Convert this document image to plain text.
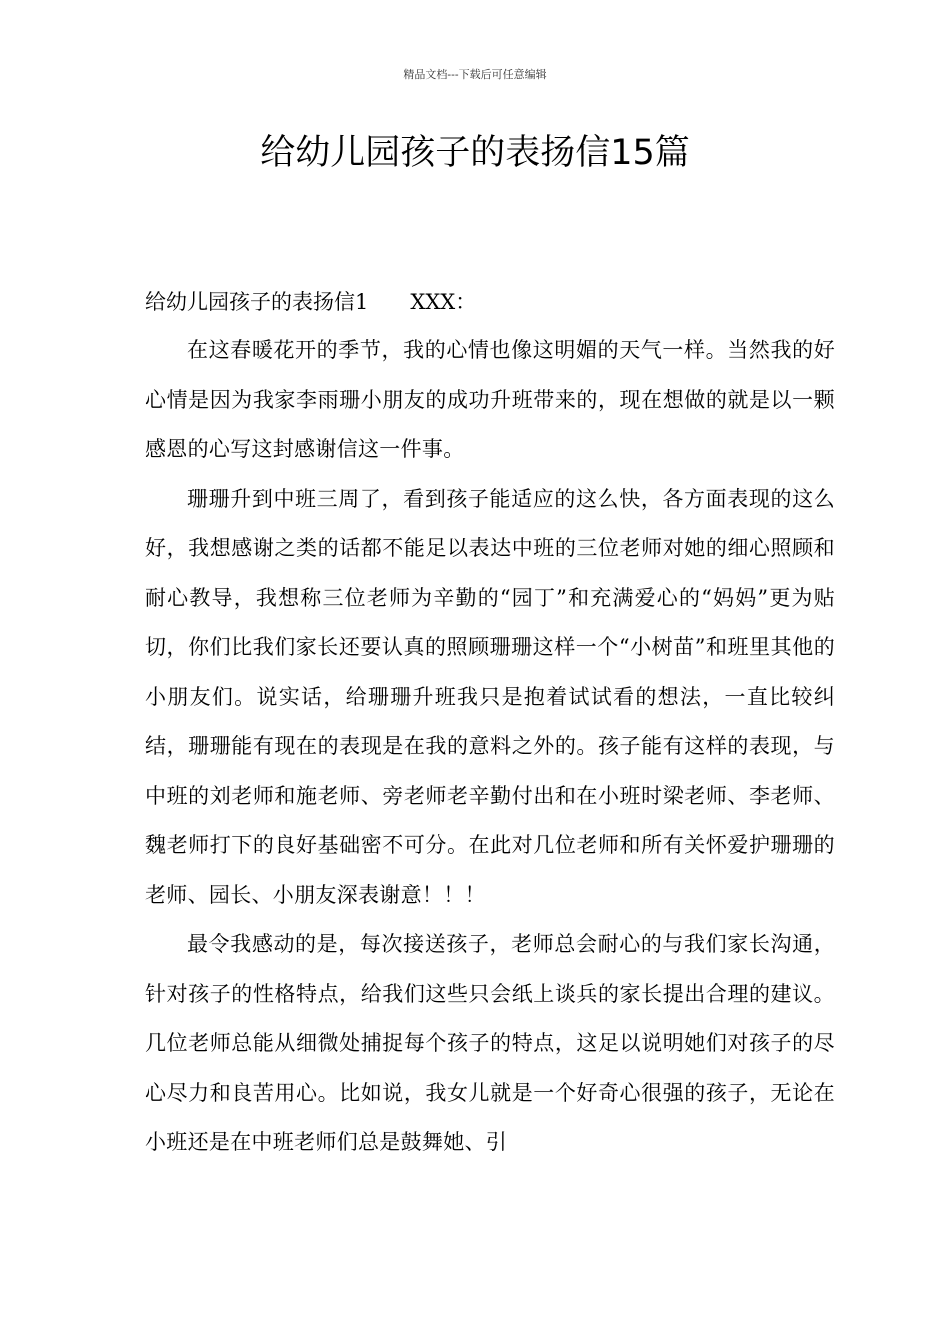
精品文档---下载后可任意编辑
给幼儿园孩子的表扬信15篇
给幼儿园孩子的表扬信1 XXX：

在这春暖花开的季节，我的心情也像这明媚的天气一样。当然我的好心情是因为我家李雨珊小朋友的成功升班带来的，现在想做的就是以一颗感恩的心写这封感谢信这一件事。

珊珊升到中班三周了，看到孩子能适应的这么快，各方面表现的这么好，我想感谢之类的话都不能足以表达中班的三位老师对她的细心照顾和耐心教导，我想称三位老师为辛勤的“园丁”和充满爱心的“妈妈”更为贴切，你们比我们家长还要认真的照顾珊珊这样一个“小树苗”和班里其他的小朋友们。说实话，给珊珊升班我只是抱着试试看的想法，一直比较纠结，珊珊能有现在的表现是在我的意料之外的。孩子能有这样的表现，与中班的刘老师和施老师、旁老师老辛勤付出和在小班时梁老师、李老师、魏老师打下的良好基础密不可分。在此对几位老师和所有关怀爱护珊珊的老师、园长、小朋友深表谢意！！！

最令我感动的是，每次接送孩子，老师总会耐心的与我们家长沟通，针对孩子的性格特点，给我们这些只会纸上谈兵的家长提出合理的建议。几位老师总能从细微处捕捉每个孩子的特点，这足以说明她们对孩子的尽心尽力和良苦用心。比如说，我女儿就是一个好奇心很强的孩子，无论在小班还是在中班老师们总是鼓舞她、引
